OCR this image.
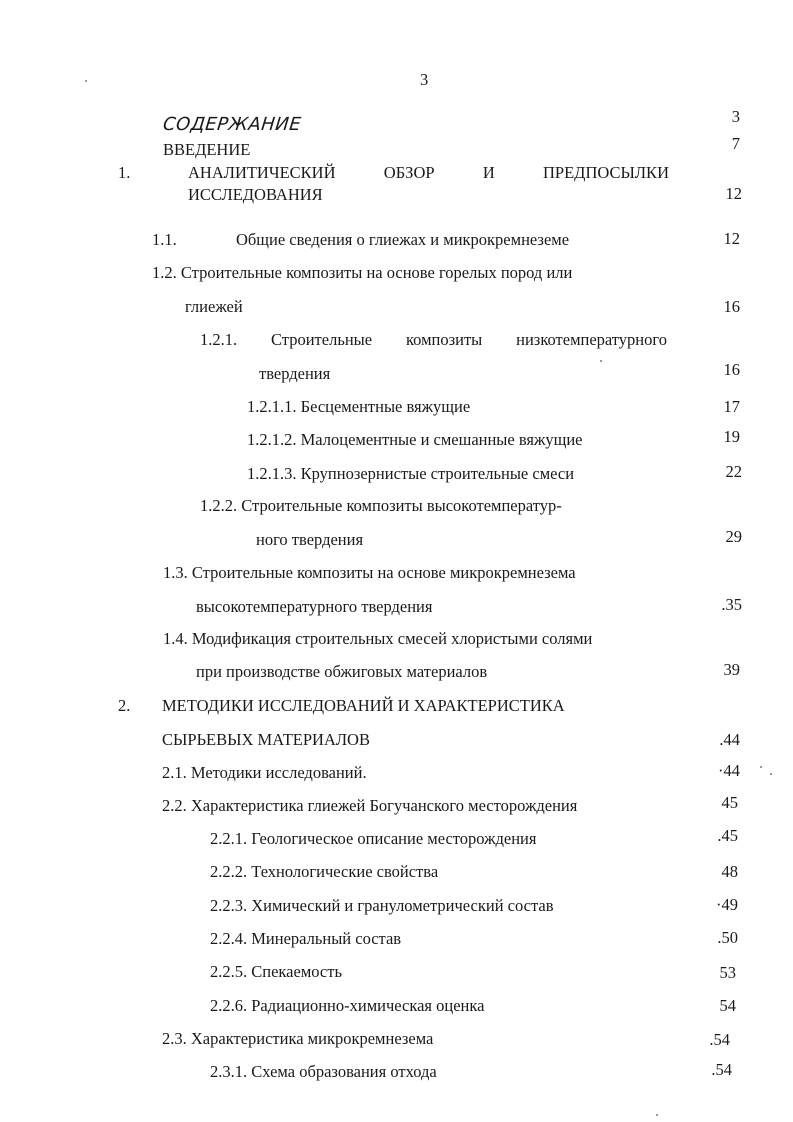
3
СОДЕРЖАНИЕ	3
ВВЕДЕНИЕ	7
1.	АНАЛИТИЧЕСКИЙ	ОБЗОР	И	ПРЕДПОСЫЛКИ
ИССЛЕДОВАНИЯ	12
1.1.	Общие сведения о глиежах и микрокремнеземе	12
1.2. Строительные композиты на основе горелых пород или
глиежей	16
1.2.1. Строительные композиты низкотемпературного
твердения	16
1.2.1.1. Бесцементные вяжущие	17
1.2.1.2. Малоцементные и смешанные вяжущие	19
1.2.1.3. Крупнозернистые строительные смеси	22
1.2.2. Строительные композиты высокотемператур-
ного твердения	29
1.3. Строительные композиты на основе микрокремнезема
высокотемпературного твердения	.35
1.4. Модификация строительных смесей хлористыми солями
при производстве обжиговых материалов	39
2. МЕТОДИКИ ИССЛЕДОВАНИЙ И ХАРАКТЕРИСТИКА
СЫРЬЕВЫХ МАТЕРИАЛОВ	.44
2.1. Методики исследований.	·44
2.2. Характеристика глиежей Богучанского месторождения	45
2.2.1. Геологическое описание месторождения	.45
2.2.2. Технологические свойства	48
2.2.3. Химический и гранулометрический состав	·49
2.2.4. Минеральный состав	.50
2.2.5. Спекаемость	53
2.2.6. Радиационно-химическая оценка	54
2.3. Характеристика микрокремнезема	.54
2.3.1. Схема образования отхода	.54
